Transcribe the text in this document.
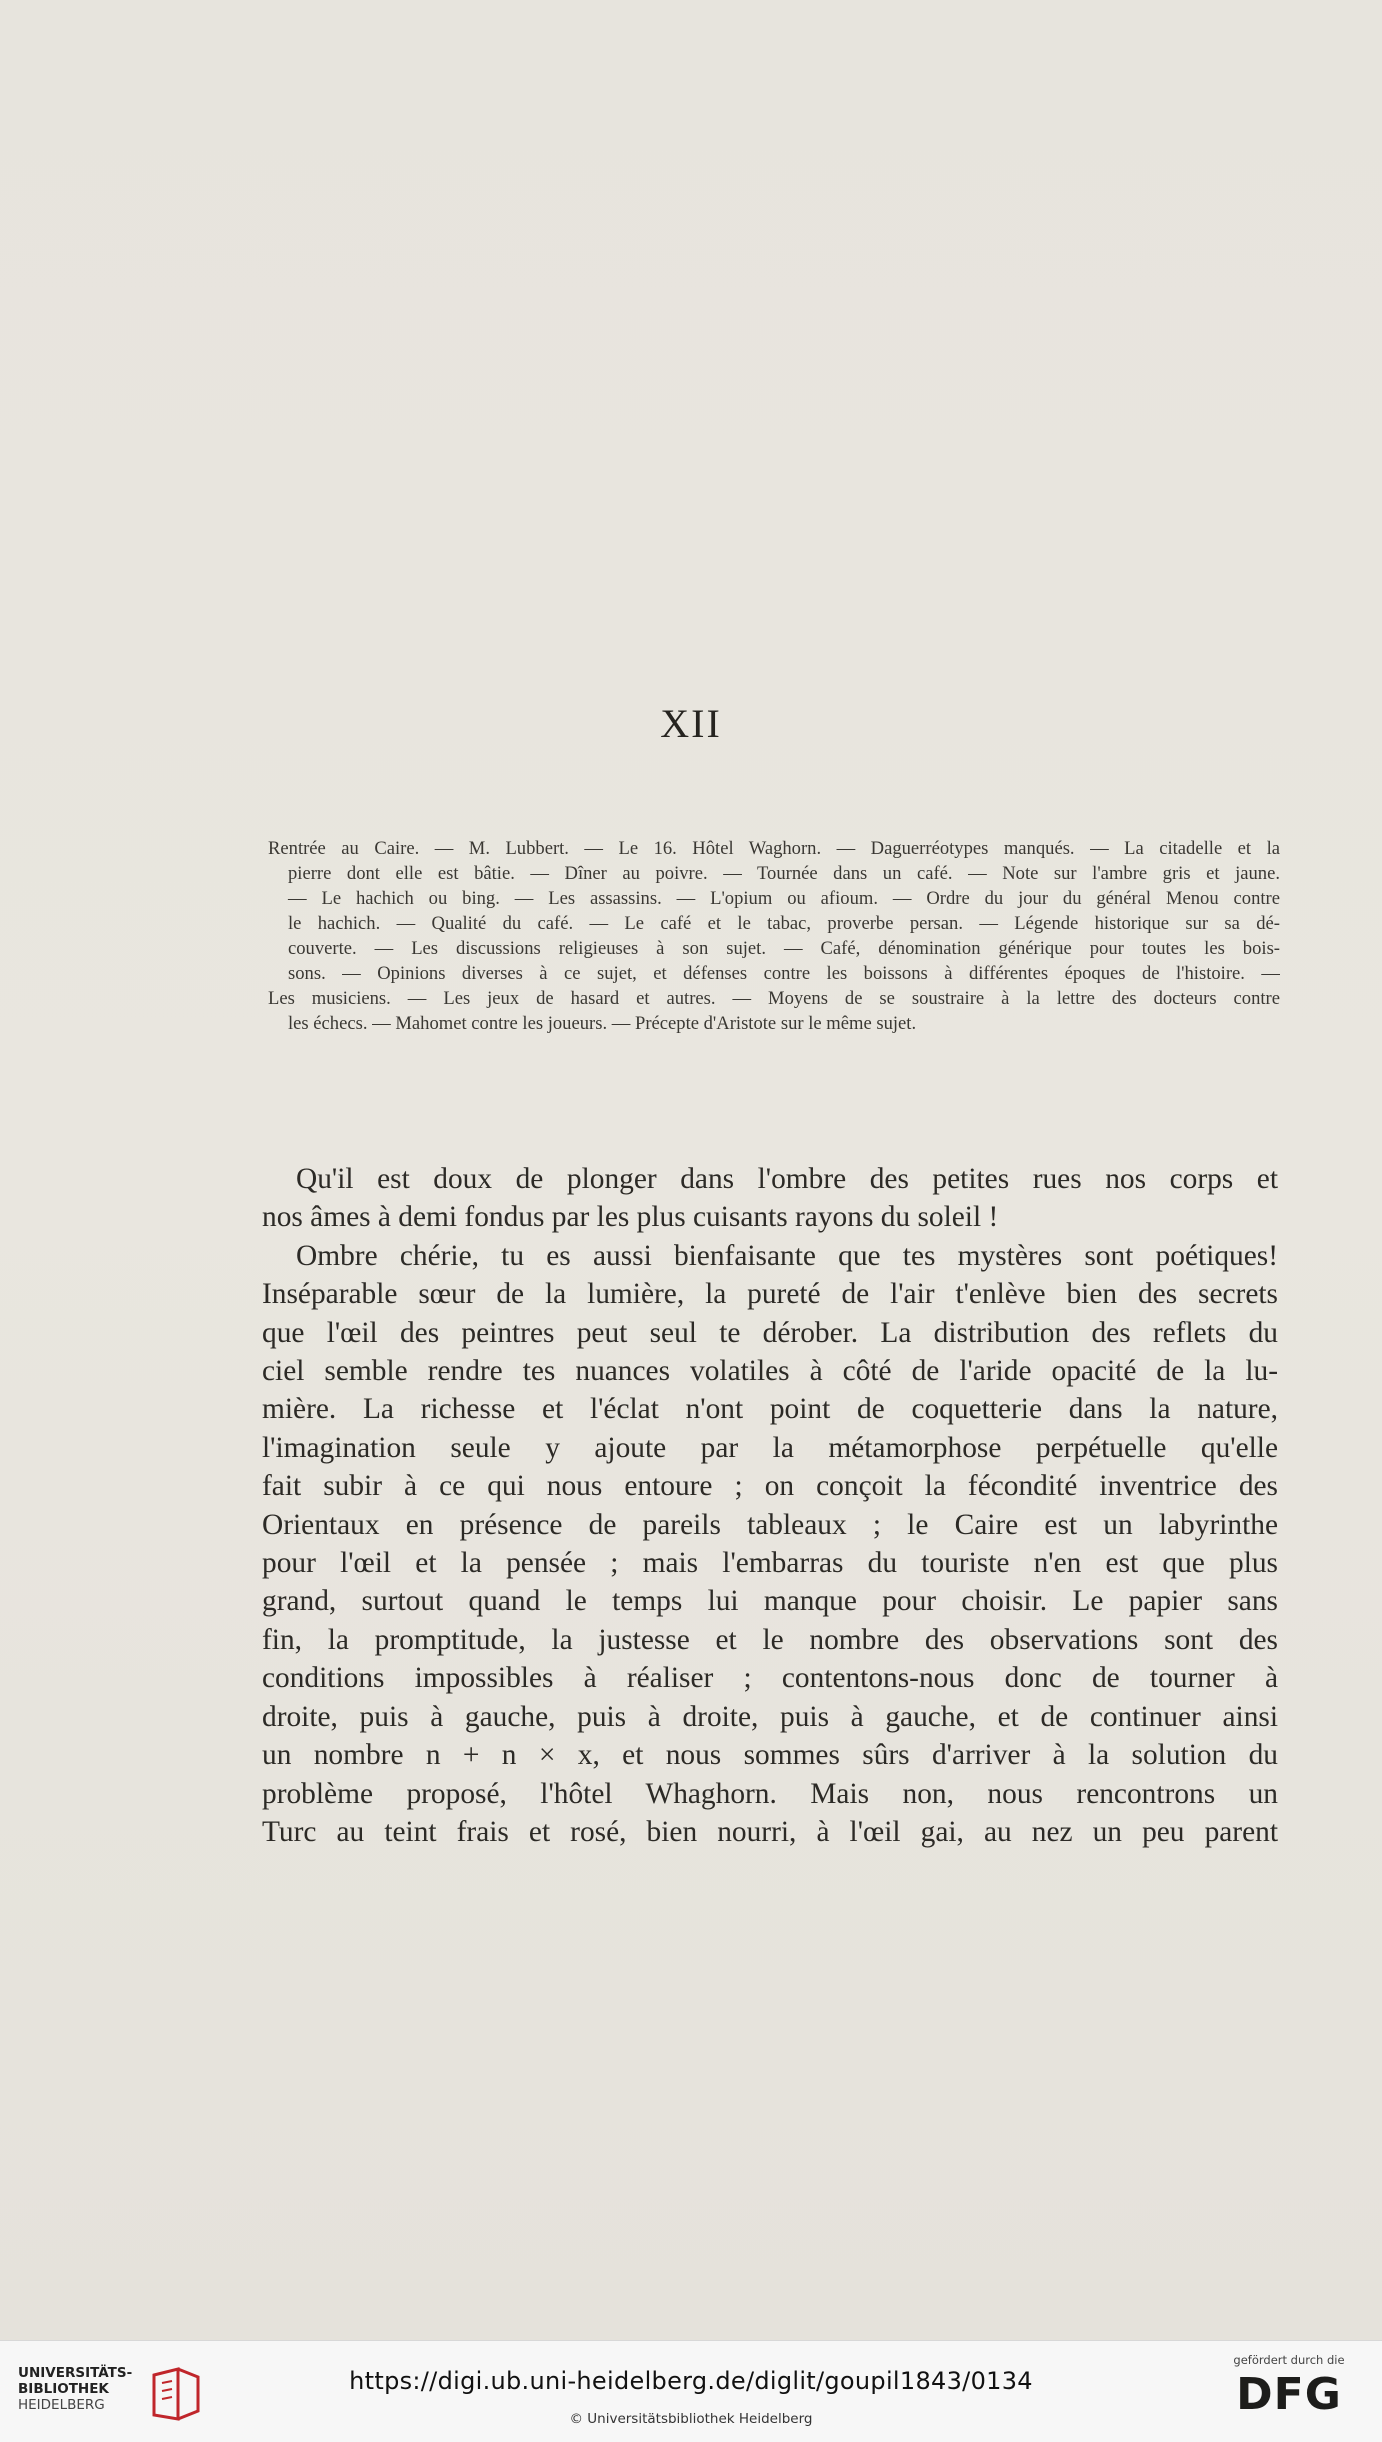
XII
Rentrée au Caire. — M. Lubbert. — Le 16. Hôtel Waghorn. — Daguerréotypes manqués. — La citadelle et la
pierre dont elle est bâtie. — Dîner au poivre. — Tournée dans un café. — Note sur l'ambre gris et jaune.
— Le hachich ou bing. — Les assassins. — L'opium ou afioum. — Ordre du jour du général Menou contre
le hachich. — Qualité du café. — Le café et le tabac, proverbe persan. — Légende historique sur sa dé-
couverte. — Les discussions religieuses à son sujet. — Café, dénomination générique pour toutes les bois-
sons. — Opinions diverses à ce sujet, et défenses contre les boissons à différentes époques de l'histoire. —
Les musiciens. — Les jeux de hasard et autres. — Moyens de se soustraire à la lettre des docteurs contre
les échecs. — Mahomet contre les joueurs. — Précepte d'Aristote sur le même sujet.
Qu'il est doux de plonger dans l'ombre des petites rues nos corps et
nos âmes à demi fondus par les plus cuisants rayons du soleil !
Ombre chérie, tu es aussi bienfaisante que tes mystères sont poétiques!
Inséparable sœur de la lumière, la pureté de l'air t'enlève bien des secrets
que l'œil des peintres peut seul te dérober. La distribution des reflets du
ciel semble rendre tes nuances volatiles à côté de l'aride opacité de la lu-
mière. La richesse et l'éclat n'ont point de coquetterie dans la nature,
l'imagination seule y ajoute par la métamorphose perpétuelle qu'elle
fait subir à ce qui nous entoure ; on conçoit la fécondité inventrice des
Orientaux en présence de pareils tableaux ; le Caire est un labyrinthe
pour l'œil et la pensée ; mais l'embarras du touriste n'en est que plus
grand, surtout quand le temps lui manque pour choisir. Le papier sans
fin, la promptitude, la justesse et le nombre des observations sont des
conditions impossibles à réaliser ; contentons-nous donc de tourner à
droite, puis à gauche, puis à droite, puis à gauche, et de continuer ainsi
un nombre n + n × x, et nous sommes sûrs d'arriver à la solution du
problème proposé, l'hôtel Whaghorn. Mais non, nous rencontrons un
Turc au teint frais et rosé, bien nourri, à l'œil gai, au nez un peu parent
UNIVERSITÄTS-
BIBLIOTHEK
HEIDELBERG
https://digi.ub.uni-heidelberg.de/diglit/goupil1843/0134
© Universitätsbibliothek Heidelberg
gefördert durch die
DFG
